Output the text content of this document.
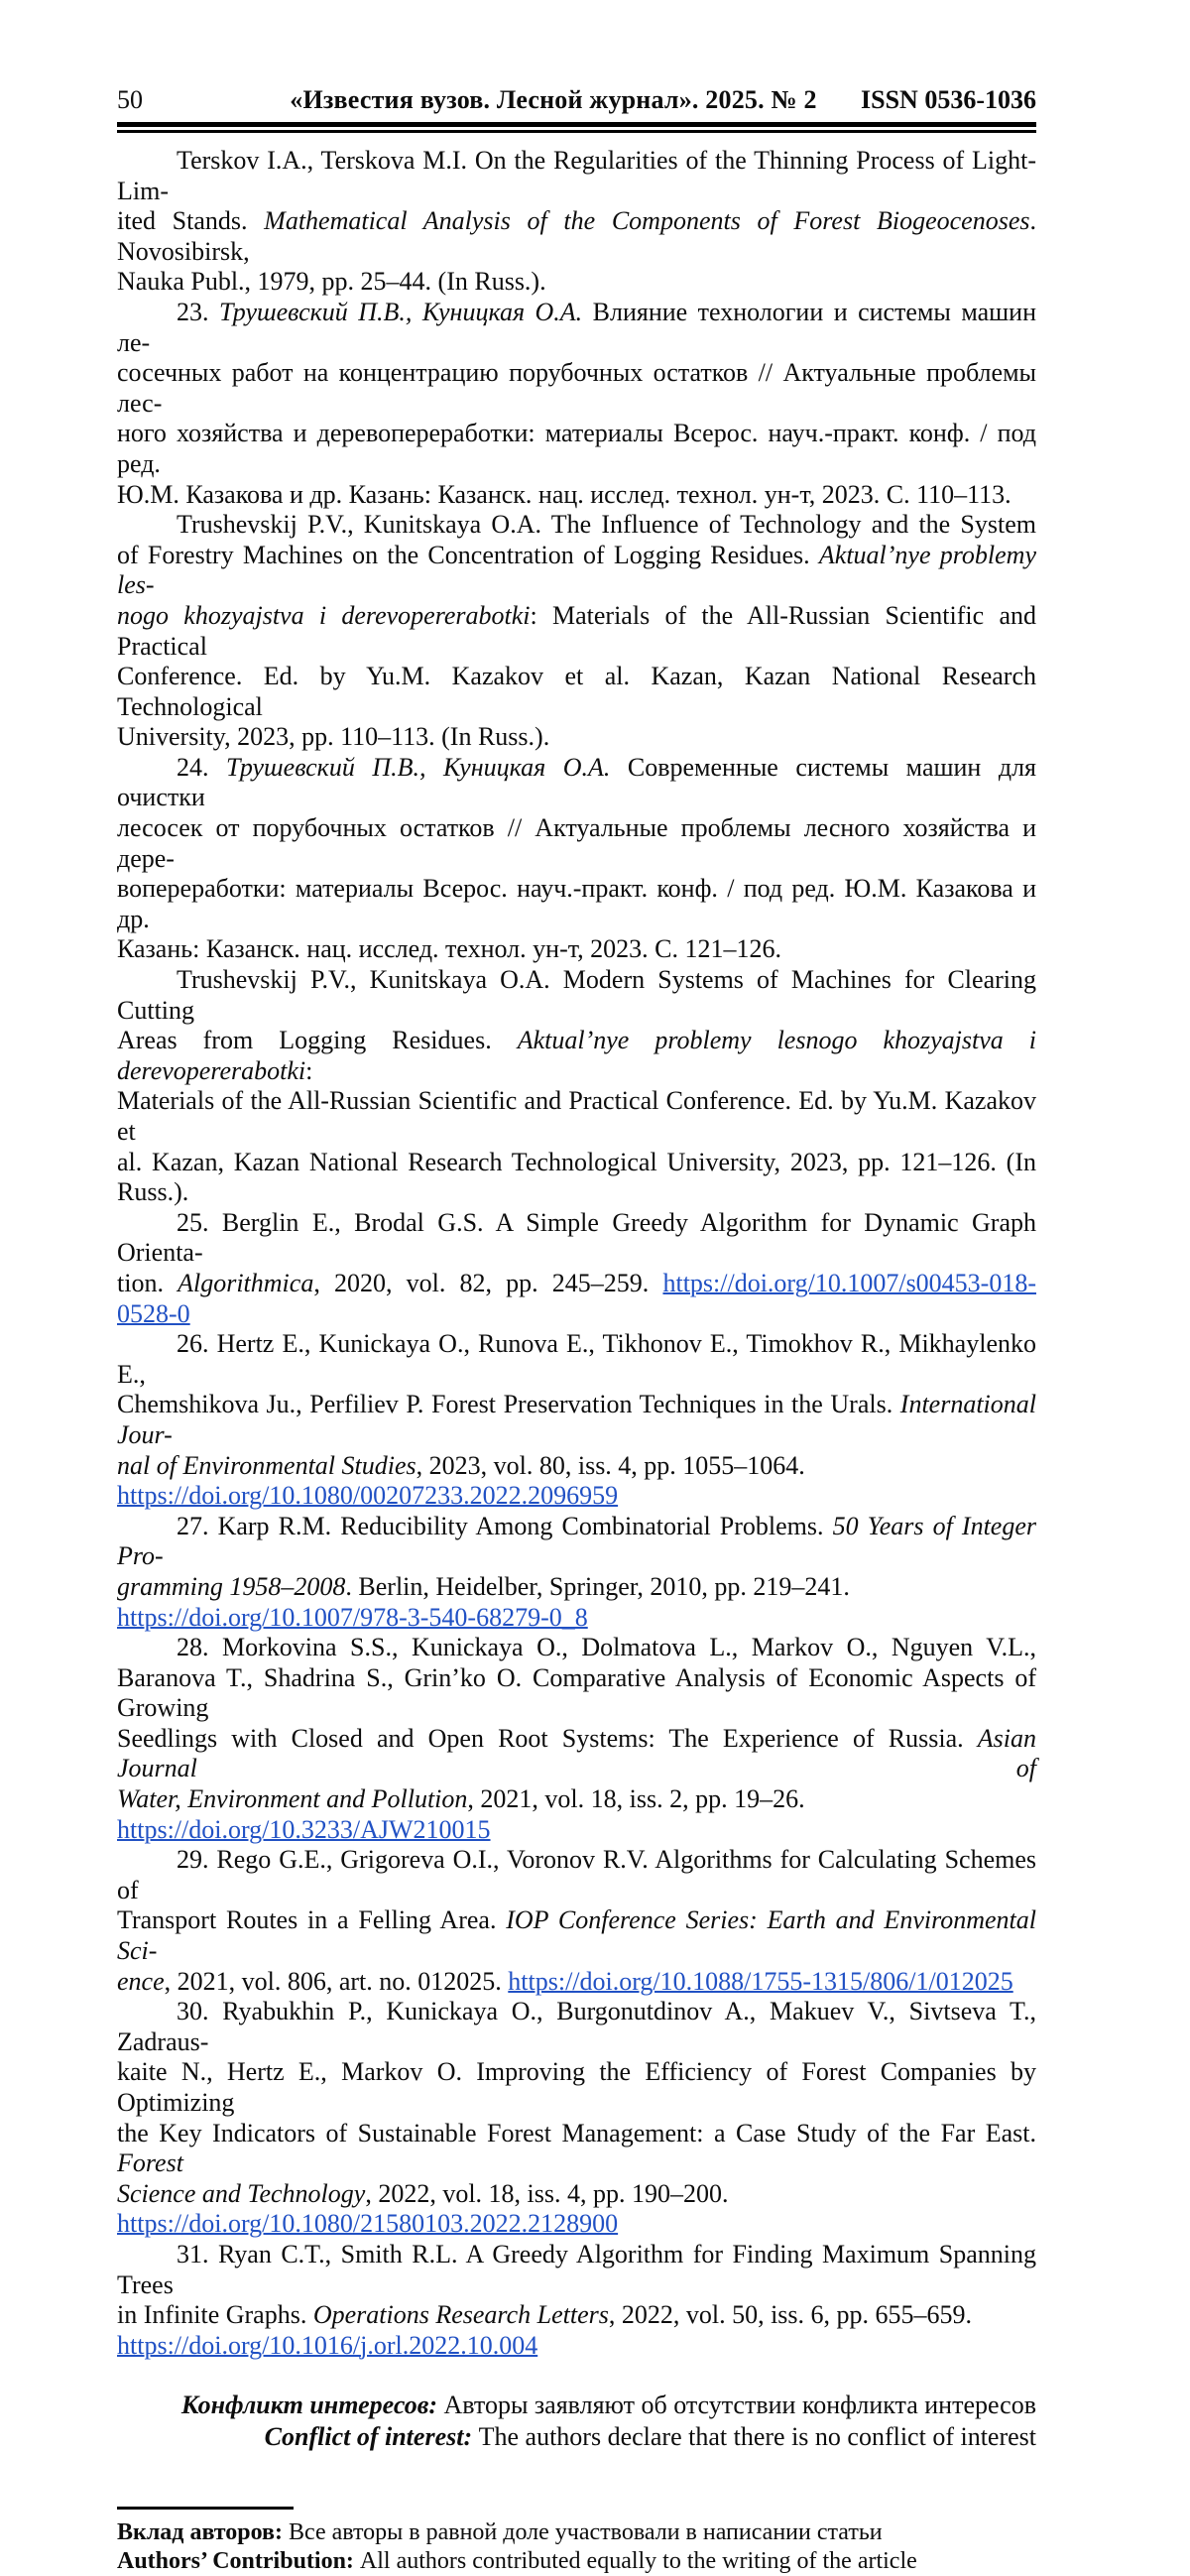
50	«Известия вузов. Лесной журнал». 2025. № 2	ISSN 0536-1036
Terskov I.A., Terskova M.I. On the Regularities of the Thinning Process of Light-Lim-
ited Stands. Mathematical Analysis of the Components of Forest Biogeocenoses. Novosibirsk,
Nauka Publ., 1979, pp. 25–44. (In Russ.).
23. Трушевский П.В., Куницкая О.А. Влияние технологии и системы машин ле-
сосечных работ на концентрацию порубочных остатков // Актуальные проблемы лес-
ного хозяйства и деревопереработки: материалы Всерос. науч.-практ. конф. / под ред.
Ю.М. Казакова и др. Казань: Казанск. нац. исслед. технол. ун-т, 2023. С. 110–113.
Trushevskij P.V., Kunitskaya O.A. The Influence of Technology and the System
of Forestry Machines on the Concentration of Logging Residues. Aktual’nye problemy les-
nogo khozyajstva i derevopererabotki: Materials of the All-Russian Scientific and Practical
Conference. Ed. by Yu.M. Kazakov et al. Kazan, Kazan National Research Technological
University, 2023, pp. 110–113. (In Russ.).
24. Трушевский П.В., Куницкая О.А. Современные системы машин для очистки
лесосек от порубочных остатков // Актуальные проблемы лесного хозяйства и дере-
вопереработки: материалы Всерос. науч.-практ. конф. / под ред. Ю.М. Казакова и др.
Казань: Казанск. нац. исслед. технол. ун-т, 2023. С. 121–126.
Trushevskij P.V., Kunitskaya O.A. Modern Systems of Machines for Clearing Cutting
Areas from Logging Residues. Aktual’nye problemy lesnogo khozyajstva i derevopererabotki:
Materials of the All-Russian Scientific and Practical Conference. Ed. by Yu.M. Kazakov et
al. Kazan, Kazan National Research Technological University, 2023, pp. 121–126. (In Russ.).
25. Berglin E., Brodal G.S. A Simple Greedy Algorithm for Dynamic Graph Orienta-
tion. Algorithmica, 2020, vol. 82, pp. 245–259. https://doi.org/10.1007/s00453-018-0528-0
26. Hertz E., Kunickaya O., Runova E., Tikhonov E., Timokhov R., Mikhaylenko E.,
Chemshikova Ju., Perfiliev P. Forest Preservation Techniques in the Urals. International Jour-
nal of Environmental Studies, 2023, vol. 80, iss. 4, pp. 1055–1064.
https://doi.org/10.1080/00207233.2022.2096959
27. Karp R.M. Reducibility Among Combinatorial Problems. 50 Years of Integer Pro-
gramming 1958–2008. Berlin, Heidelber, Springer, 2010, pp. 219–241.
https://doi.org/10.1007/978-3-540-68279-0_8
28. Morkovina S.S., Kunickaya O., Dolmatova L., Markov O., Nguyen V.L.,
Baranova T., Shadrina S., Grin’ko O. Comparative Analysis of Economic Aspects of Growing
Seedlings with Closed and Open Root Systems: The Experience of Russia. Asian Journal of
Water, Environment and Pollution, 2021, vol. 18, iss. 2, pp. 19–26.
https://doi.org/10.3233/AJW210015
29. Rego G.E., Grigoreva O.I., Voronov R.V. Algorithms for Calculating Schemes of
Transport Routes in a Felling Area. IOP Conference Series: Earth and Environmental Sci-
ence, 2021, vol. 806, art. no. 012025. https://doi.org/10.1088/1755-1315/806/1/012025
30. Ryabukhin P., Kunickaya O., Burgonutdinov A., Makuev V., Sivtseva T., Zadraus-
kaite N., Hertz E., Markov O. Improving the Efficiency of Forest Companies by Optimizing
the Key Indicators of Sustainable Forest Management: a Case Study of the Far East. Forest
Science and Technology, 2022, vol. 18, iss. 4, pp. 190–200.
https://doi.org/10.1080/21580103.2022.2128900
31. Ryan C.T., Smith R.L. A Greedy Algorithm for Finding Maximum Spanning Trees
in Infinite Graphs. Operations Research Letters, 2022, vol. 50, iss. 6, pp. 655–659.
https://doi.org/10.1016/j.orl.2022.10.004
Конфликт интересов: Авторы заявляют об отсутствии конфликта интересов
Conflict of interest: The authors declare that there is no conflict of interest
Вклад авторов: Все авторы в равной доле участвовали в написании статьи
Authors’ Contribution: All authors contributed equally to the writing of the article
